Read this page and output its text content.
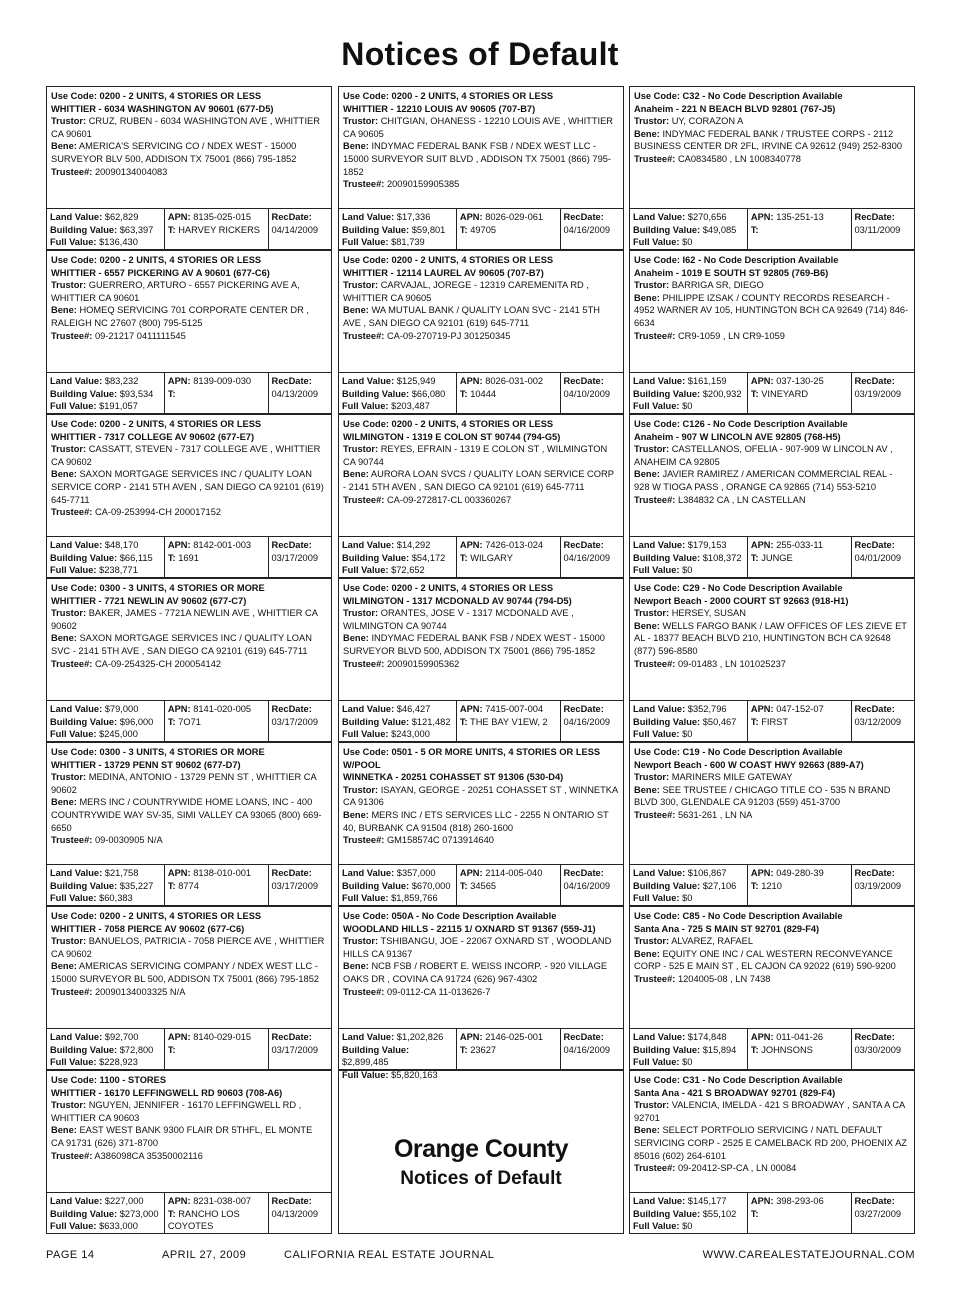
Notices of Default
Use Code: 0200 - 2 UNITS, 4 STORIES OR LESS
WHITTIER - 6034 WASHINGTON AV 90601 (677-D5)
Trustor: CRUZ, RUBEN - 6034 WASHINGTON AVE , WHITTIER CA 90601
Bene: AMERICA'S SERVICING CO / NDEX WEST - 15000 SURVEYOR BLV 500, ADDISON TX 75001 (866) 795-1852
Trustee#: 20090134004083
Land Value: $62,829
Building Value: $63,397
Full Value: $136,430
APN: 8135-025-015
T: HARVEY RICKERS
RecDate:
04/14/2009
Use Code: 0200 - 2 UNITS, 4 STORIES OR LESS
WHITTIER - 6557 PICKERING AV A 90601 (677-C6)
Trustor: GUERRERO, ARTURO - 6557 PICKERING AVE A, WHITTIER CA 90601
Bene: HOMEQ SERVICING 701 CORPORATE CENTER DR , RALEIGH NC 27607 (800) 795-5125
Trustee#: 09-21217 0411111545
Land Value: $83,232
Building Value: $93,534
Full Value: $191,057
APN: 8139-009-030
T:
RecDate:
04/13/2009
Use Code: 0200 - 2 UNITS, 4 STORIES OR LESS
WHITTIER - 7317 COLLEGE AV 90602 (677-E7)
Trustor: CASSATT, STEVEN - 7317 COLLEGE AVE , WHITTIER CA 90602
Bene: SAXON MORTGAGE SERVICES INC / QUALITY LOAN SERVICE CORP - 2141 5TH AVEN , SAN DIEGO CA 92101 (619) 645-7711
Trustee#: CA-09-253994-CH 200017152
Land Value: $48,170
Building Value: $66,115
Full Value: $238,771
APN: 8142-001-003
T: 1691
RecDate:
03/17/2009
Use Code: 0300 - 3 UNITS, 4 STORIES OR MORE
WHITTIER - 7721 NEWLIN AV 90602 (677-C7)
Trustor: BAKER, JAMES - 7721A NEWLIN AVE , WHITTIER CA 90602
Bene: SAXON MORTGAGE SERVICES INC / QUALITY LOAN SVC - 2141 5TH AVE , SAN DIEGO CA 92101 (619) 645-7711
Trustee#: CA-09-254325-CH 200054142
Land Value: $79,000
Building Value: $96,000
Full Value: $245,000
APN: 8141-020-005
T: 7O71
RecDate:
03/17/2009
Use Code: 0300 - 3 UNITS, 4 STORIES OR MORE
WHITTIER - 13729 PENN ST 90602 (677-D7)
Trustor: MEDINA, ANTONIO - 13729 PENN ST , WHITTIER CA 90602
Bene: MERS INC / COUNTRYWIDE HOME LOANS, INC - 400 COUNTRYWIDE WAY SV-35, SIMI VALLEY CA 93065 (800) 669-6650
Trustee#: 09-0030905 N/A
Land Value: $21,758
Building Value: $35,227
Full Value: $60,383
APN: 8138-010-001
T: 8774
RecDate:
03/17/2009
Use Code: 0200 - 2 UNITS, 4 STORIES OR LESS
WHITTIER - 7058 PIERCE AV 90602 (677-C6)
Trustor: BANUELOS, PATRICIA - 7058 PIERCE AVE , WHITTIER CA 90602
Bene: AMERICAS SERVICING COMPANY / NDEX WEST LLC - 15000 SURVEYOR BL 500, ADDISON TX 75001 (866) 795-1852
Trustee#: 20090134003325 N/A
Land Value: $92,700
Building Value: $72,800
Full Value: $228,923
APN: 8140-029-015
T:
RecDate:
03/17/2009
Use Code: 1100 - STORES
WHITTIER - 16170 LEFFINGWELL RD 90603 (708-A6)
Trustor: NGUYEN, JENNIFER - 16170 LEFFINGWELL RD , WHITTIER CA 90603
Bene: EAST WEST BANK 9300 FLAIR DR 5THFL, EL MONTE CA 91731 (626) 371-8700
Trustee#: A386098CA 35350002116
Land Value: $227,000
Building Value: $273,000
Full Value: $633,000
APN: 8231-038-007
T: RANCHO LOS COYOTES
RecDate:
04/13/2009
Use Code: 0200 - 2 UNITS, 4 STORIES OR LESS
WHITTIER - 12210 LOUIS AV 90605 (707-B7)
Trustor: CHITGIAN, OHANESS - 12210 LOUIS AVE , WHITTIER CA 90605
Bene: INDYMAC FEDERAL BANK FSB / NDEX WEST LLC - 15000 SURVEYOR SUIT BLVD , ADDISON TX 75001 (866) 795-1852
Trustee#: 20090159905385
Land Value: $17,336
Building Value: $59,801
Full Value: $81,739
APN: 8026-029-061
T: 49705
RecDate:
04/16/2009
Use Code: 0200 - 2 UNITS, 4 STORIES OR LESS
WHITTIER - 12114 LAUREL AV 90605 (707-B7)
Trustor: CARVAJAL, JOREGE - 12319 CAREMENITA RD , WHITTIER CA 90605
Bene: WA MUTUAL BANK / QUALITY LOAN SVC - 2141 5TH AVE , SAN DIEGO CA 92101 (619) 645-7711
Trustee#: CA-09-270719-PJ 301250345
Land Value: $125,949
Building Value: $66,080
Full Value: $203,487
APN: 8026-031-002
T: 10444
RecDate:
04/10/2009
Use Code: 0200 - 2 UNITS, 4 STORIES OR LESS
WILMINGTON - 1319 E COLON ST 90744 (794-G5)
Trustor: REYES, EFRAIN - 1319 E COLON ST , WILMINGTON CA 90744
Bene: AURORA LOAN SVCS / QUALITY LOAN SERVICE CORP - 2141 5TH AVEN , SAN DIEGO CA 92101 (619) 645-7711
Trustee#: CA-09-272817-CL 003360267
Land Value: $14,292
Building Value: $54,172
Full Value: $72,652
APN: 7426-013-024
T: WILGARY
RecDate:
04/16/2009
Use Code: 0200 - 2 UNITS, 4 STORIES OR LESS
WILMINGTON - 1317 MCDONALD AV 90744 (794-D5)
Trustor: ORANTES, JOSE V - 1317 MCDONALD AVE , WILMINGTON CA 90744
Bene: INDYMAC FEDERAL BANK FSB / NDEX WEST - 15000 SURVEYOR BLVD 500, ADDISON TX 75001 (866) 795-1852
Trustee#: 20090159905362
Land Value: $46,427
Building Value: $121,482
Full Value: $243,000
APN: 7415-007-004
T: THE BAY V1EW, 2
RecDate:
04/16/2009
Use Code: 0501 - 5 OR MORE UNITS, 4 STORIES OR LESS W/POOL
WINNETKA - 20251 COHASSET ST 91306 (530-D4)
Trustor: ISAYAN, GEORGE - 20251 COHASSET ST , WINNETKA CA 91306
Bene: MERS INC / ETS SERVICES LLC - 2255 N ONTARIO ST 40, BURBANK CA 91504 (818) 260-1600
Trustee#: GM158574C 0713914640
Land Value: $357,000
Building Value: $670,000
Full Value: $1,859,766
APN: 2114-005-040
T: 34565
RecDate:
04/16/2009
Use Code: 050A - No Code Description Available
WOODLAND HILLS - 22115 1/ OXNARD ST 91367 (559-J1)
Trustor: TSHIBANGU, JOE - 22067 OXNARD ST , WOODLAND HILLS CA 91367
Bene: NCB FSB / ROBERT E. WEISS INCORP. - 920 VILLAGE OAKS DR , COVINA CA 91724 (626) 967-4302
Trustee#: 09-0112-CA 11-013626-7
Land Value: $1,202,826
Building Value: $2,899,485
Full Value: $5,820,163
APN: 2146-025-001
T: 23627
RecDate:
04/16/2009
Orange County
Notices of Default
Use Code: C32 - No Code Description Available
Anaheim - 221 N BEACH BLVD 92801 (767-J5)
Trustor: UY, CORAZON A
Bene: INDYMAC FEDERAL BANK / TRUSTEE CORPS - 2112 BUSINESS CENTER DR 2FL, IRVINE CA 92612 (949) 252-8300
Trustee#: CA0834580 , LN 1008340778
Land Value: $270,656
Building Value: $49,085
Full Value: $0
APN: 135-251-13
T:
RecDate:
03/11/2009
Use Code: I62 - No Code Description Available
Anaheim - 1019 E SOUTH ST 92805 (769-B6)
Trustor: BARRIGA SR, DIEGO
Bene: PHILIPPE IZSAK / COUNTY RECORDS RESEARCH - 4952 WARNER AV 105, HUNTINGTON BCH CA 92649 (714) 846-6634
Trustee#: CR9-1059 , LN CR9-1059
Land Value: $161,159
Building Value: $200,932
Full Value: $0
APN: 037-130-25
T: VINEYARD
RecDate:
03/19/2009
Use Code: C126 - No Code Description Available
Anaheim - 907 W LINCOLN AVE 92805 (768-H5)
Trustor: CASTELLANOS, OFELIA - 907-909 W LINCOLN AV , ANAHEIM CA 92805
Bene: JAVIER RAMIREZ / AMERICAN COMMERCIAL REAL - 928 W TIOGA PASS , ORANGE CA 92865 (714) 553-5210
Trustee#: L384832 CA , LN CASTELLAN
Land Value: $179,153
Building Value: $108,372
Full Value: $0
APN: 255-033-11
T: JUNGE
RecDate:
04/01/2009
Use Code: C29 - No Code Description Available
Newport Beach - 2000 COURT ST 92663 (918-H1)
Trustor: HERSEY, SUSAN
Bene: WELLS FARGO BANK / LAW OFFICES OF LES ZIEVE ET AL - 18377 BEACH BLVD 210, HUNTINGTON BCH CA 92648 (877) 596-8580
Trustee#: 09-01483 , LN 101025237
Land Value: $352,796
Building Value: $50,467
Full Value: $0
APN: 047-152-07
T: FIRST
RecDate:
03/12/2009
Use Code: C19 - No Code Description Available
Newport Beach - 600 W COAST HWY 92663 (889-A7)
Trustor: MARINERS MILE GATEWAY
Bene: SEE TRUSTEE / CHICAGO TITLE CO - 535 N BRAND BLVD 300, GLENDALE CA 91203 (559) 451-3700
Trustee#: 5631-261 , LN NA
Land Value: $106,867
Building Value: $27,106
Full Value: $0
APN: 049-280-39
T: 1210
RecDate:
03/19/2009
Use Code: C85 - No Code Description Available
Santa Ana - 725 S MAIN ST 92701 (829-F4)
Trustor: ALVAREZ, RAFAEL
Bene: EQUITY ONE INC / CAL WESTERN RECONVEYANCE CORP - 525 E MAIN ST , EL CAJON CA 92022 (619) 590-9200
Trustee#: 1204005-08 , LN 7438
Land Value: $174,848
Building Value: $15,894
Full Value: $0
APN: 011-041-26
T: JOHNSONS
RecDate:
03/30/2009
Use Code: C31 - No Code Description Available
Santa Ana - 421 S BROADWAY 92701 (829-F4)
Trustor: VALENCIA, IMELDA - 421 S BROADWAY , SANTA A CA 92701
Bene: SELECT PORTFOLIO SERVICING / NATL DEFAULT SERVICING CORP - 2525 E CAMELBACK RD 200, PHOENIX AZ 85016 (602) 264-6101
Trustee#: 09-20412-SP-CA , LN 00084
Land Value: $145,177
Building Value: $55,102
Full Value: $0
APN: 398-293-06
T:
RecDate:
03/27/2009
PAGE 14	APRIL 27, 2009	CALIFORNIA REAL ESTATE JOURNAL	WWW.CAREALESTATEJOURNAL.COM
